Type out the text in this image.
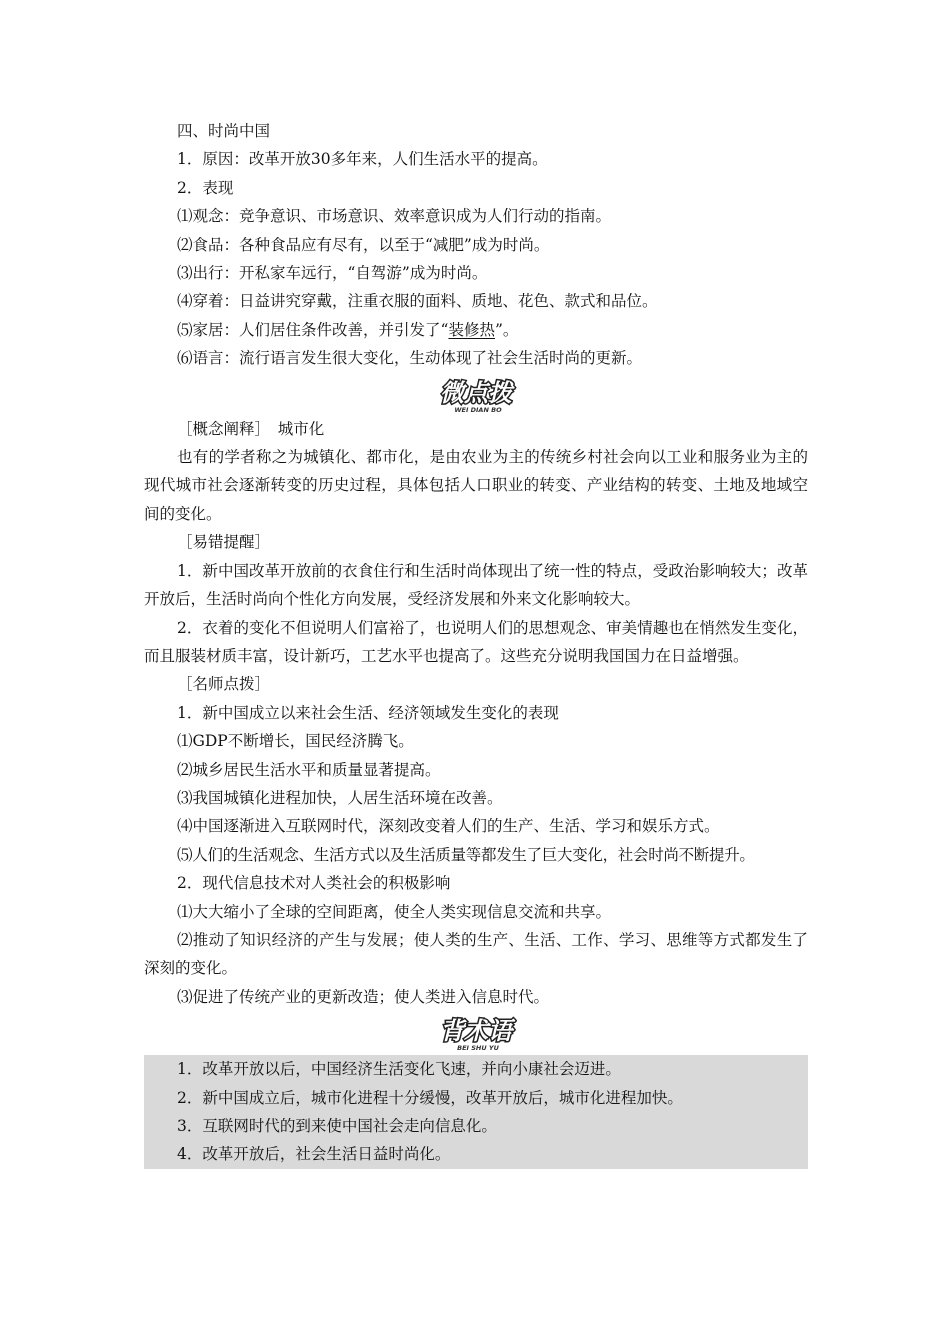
四、时尚中国
1．原因：改革开放30多年来，人们生活水平的提高。
2．表现
⑴观念：竞争意识、市场意识、效率意识成为人们行动的指南。
⑵食品：各种食品应有尽有，以至于“减肥”成为时尚。
⑶出行：开私家车远行，“自驾游”成为时尚。
⑷穿着：日益讲究穿戴，注重衣服的面料、质地、花色、款式和品位。
⑸家居：人们居住条件改善，并引发了“装修热”。
⑹语言：流行语言发生很大变化，生动体现了社会生活时尚的更新。
微点拨
WEI DIAN BO
［概念阐释］　城市化
也有的学者称之为城镇化、都市化，是由农业为主的传统乡村社会向以工业和服务业为主的现代城市社会逐渐转变的历史过程，具体包括人口职业的转变、产业结构的转变、土地及地域空间的变化。
［易错提醒］
1．新中国改革开放前的衣食住行和生活时尚体现出了统一性的特点，受政治影响较大；改革开放后，生活时尚向个性化方向发展，受经济发展和外来文化影响较大。
2．衣着的变化不但说明人们富裕了，也说明人们的思想观念、审美情趣也在悄然发生变化，而且服装材质丰富，设计新巧，工艺水平也提高了。这些充分说明我国国力在日益增强。
［名师点拨］
1．新中国成立以来社会生活、经济领域发生变化的表现
⑴GDP不断增长，国民经济腾飞。
⑵城乡居民生活水平和质量显著提高。
⑶我国城镇化进程加快，人居生活环境在改善。
⑷中国逐渐进入互联网时代，深刻改变着人们的生产、生活、学习和娱乐方式。
⑸人们的生活观念、生活方式以及生活质量等都发生了巨大变化，社会时尚不断提升。
2．现代信息技术对人类社会的积极影响
⑴大大缩小了全球的空间距离，使全人类实现信息交流和共享。
⑵推动了知识经济的产生与发展；使人类的生产、生活、工作、学习、思维等方式都发生了深刻的变化。
⑶促进了传统产业的更新改造；使人类进入信息时代。
背术语
BEI SHU YU
1．改革开放以后，中国经济生活变化飞速，并向小康社会迈进。
2．新中国成立后，城市化进程十分缓慢，改革开放后，城市化进程加快。
3．互联网时代的到来使中国社会走向信息化。
4．改革开放后，社会生活日益时尚化。
